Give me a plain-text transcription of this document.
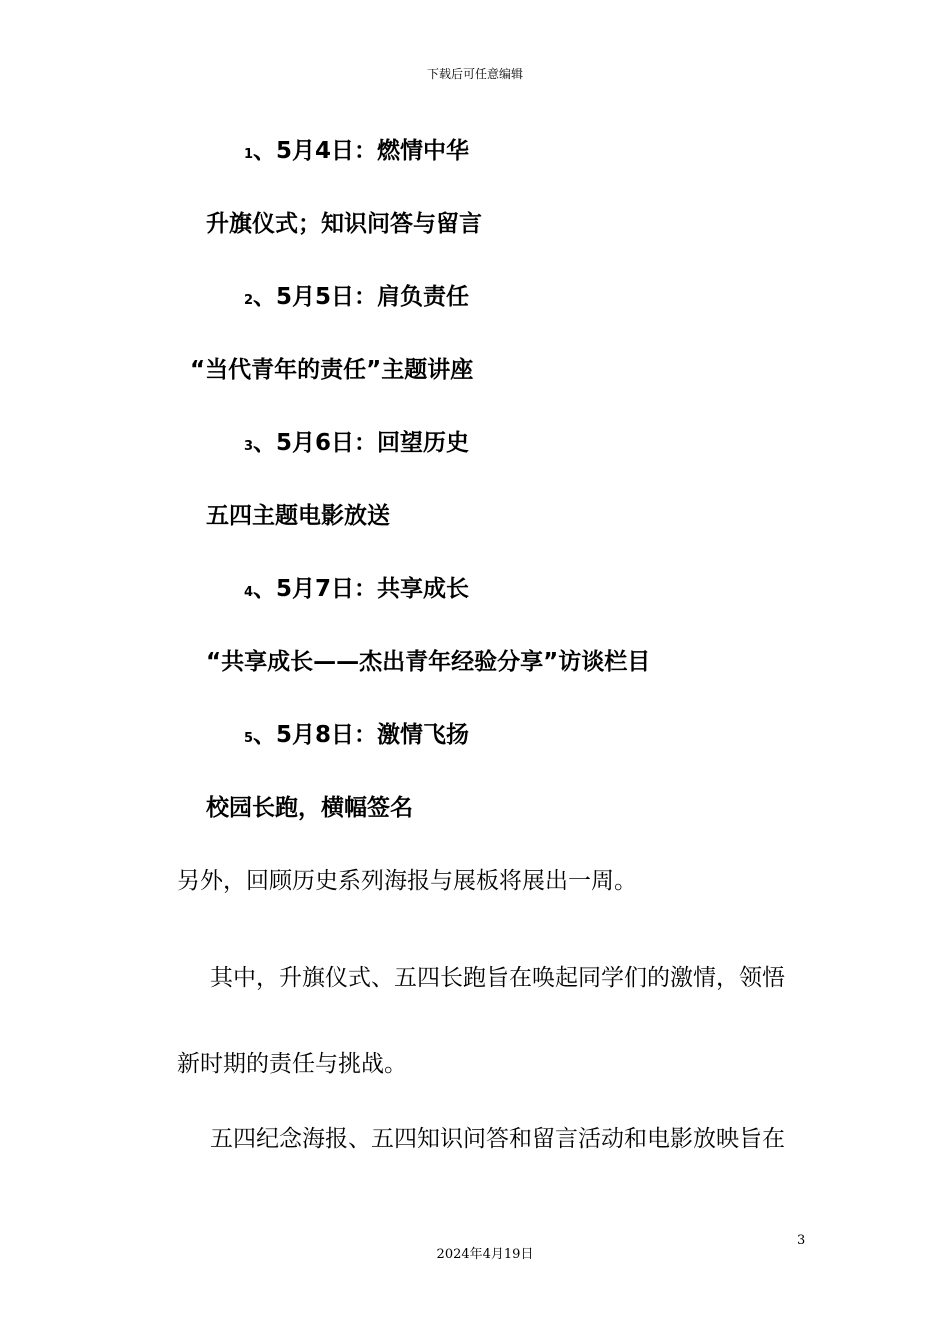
下载后可任意编辑
1、5月4日：燃情中华
升旗仪式；知识问答与留言
2、5月5日：肩负责任
“当代青年的责任”主题讲座
3、5月6日：回望历史
五四主题电影放送
4、5月7日：共享成长
“共享成长——杰出青年经验分享”访谈栏目
5、5月8日：激情飞扬
校园长跑，横幅签名
另外，回顾历史系列海报与展板将展出一周。
其中，升旗仪式、五四长跑旨在唤起同学们的激情，领悟
新时期的责任与挑战。
五四纪念海报、五四知识问答和留言活动和电影放映旨在
3
2024年4月19日
